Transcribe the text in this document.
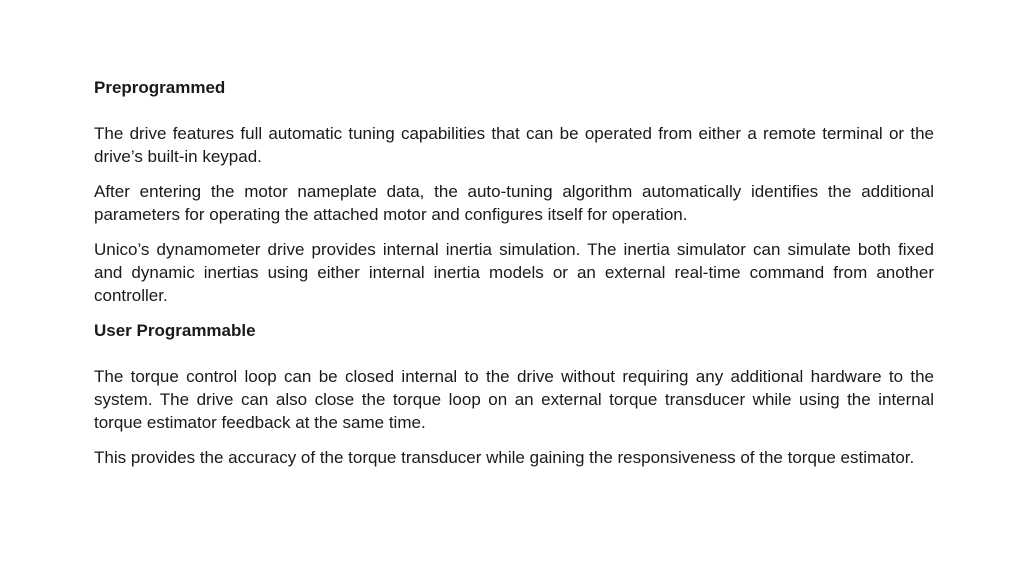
Preprogrammed

The drive features full automatic tuning capabilities that can be operated from either a remote terminal or the drive’s built-in keypad.

After entering the motor nameplate data, the auto-tuning algorithm automatically identifies the additional parameters for operating the attached motor and configures itself for operation.

Unico’s dynamometer drive provides internal inertia simulation. The inertia simulator can simulate both fixed and dynamic inertias using either internal inertia models or an external real-time command from another controller.

User Programmable

The torque control loop can be closed internal to the drive without requiring any additional hardware to the system. The drive can also close the torque loop on an external torque transducer while using the internal torque estimator feedback at the same time.

This provides the accuracy of the torque transducer while gaining the responsiveness of the torque estimator.
